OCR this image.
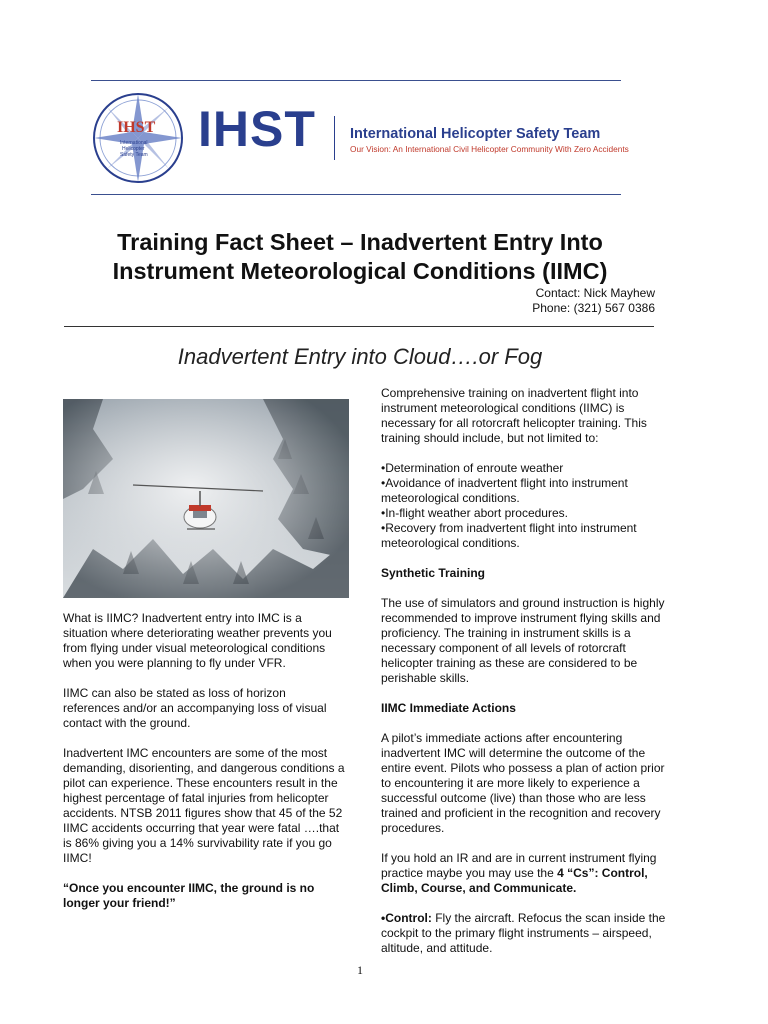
IHST
International
Helicopter
Safety Team IHST International Helicopter Safety Team
Our Vision: An International Civil Helicopter Community With Zero Accidents
Training Fact Sheet – Inadvertent Entry Into
Instrument Meteorological Conditions (IIMC)
Contact: Nick Mayhew
Phone: (321) 567 0386
Inadvertent Entry into Cloud….or Fog

What is IIMC? Inadvertent entry into IMC is a situation where deteriorating weather prevents you from flying under visual meteorological conditions when you were planning to fly under VFR.

IIMC can also be stated as loss of horizon references and/or an accompanying loss of visual contact with the ground.

Inadvertent IMC encounters are some of the most demanding, disorienting, and dangerous conditions a pilot can experience. These encounters result in the highest percentage of fatal injuries from helicopter accidents. NTSB 2011 figures show that 45 of the 52 IIMC accidents occurring that year were fatal ….that is 86% giving you a 14% survivability rate if you go IIMC!

“Once you encounter IIMC, the ground is no longer your friend!”

Comprehensive training on inadvertent flight into instrument meteorological conditions (IIMC) is necessary for all rotorcraft helicopter training. This training should include, but not limited to:

•Determination of enroute weather
•Avoidance of inadvertent flight into instrument meteorological conditions.
•In-flight weather abort procedures.
•Recovery from inadvertent flight into instrument meteorological conditions.

Synthetic Training

The use of simulators and ground instruction is highly recommended to improve instrument flying skills and proficiency. The training in instrument skills is a necessary component of all levels of rotorcraft helicopter training as these are considered to be perishable skills.

IIMC Immediate Actions

A pilot’s immediate actions after encountering inadvertent IMC will determine the outcome of the entire event. Pilots who possess a plan of action prior to encountering it are more likely to experience a successful outcome (live) than those who are less trained and proficient in the recognition and recovery procedures.

If you hold an IR and are in current instrument flying practice maybe you may use the 4 “Cs”: Control, Climb, Course, and Communicate.

•Control: Fly the aircraft. Refocus the scan inside the cockpit to the primary flight instruments – airspeed, altitude, and attitude.

1
